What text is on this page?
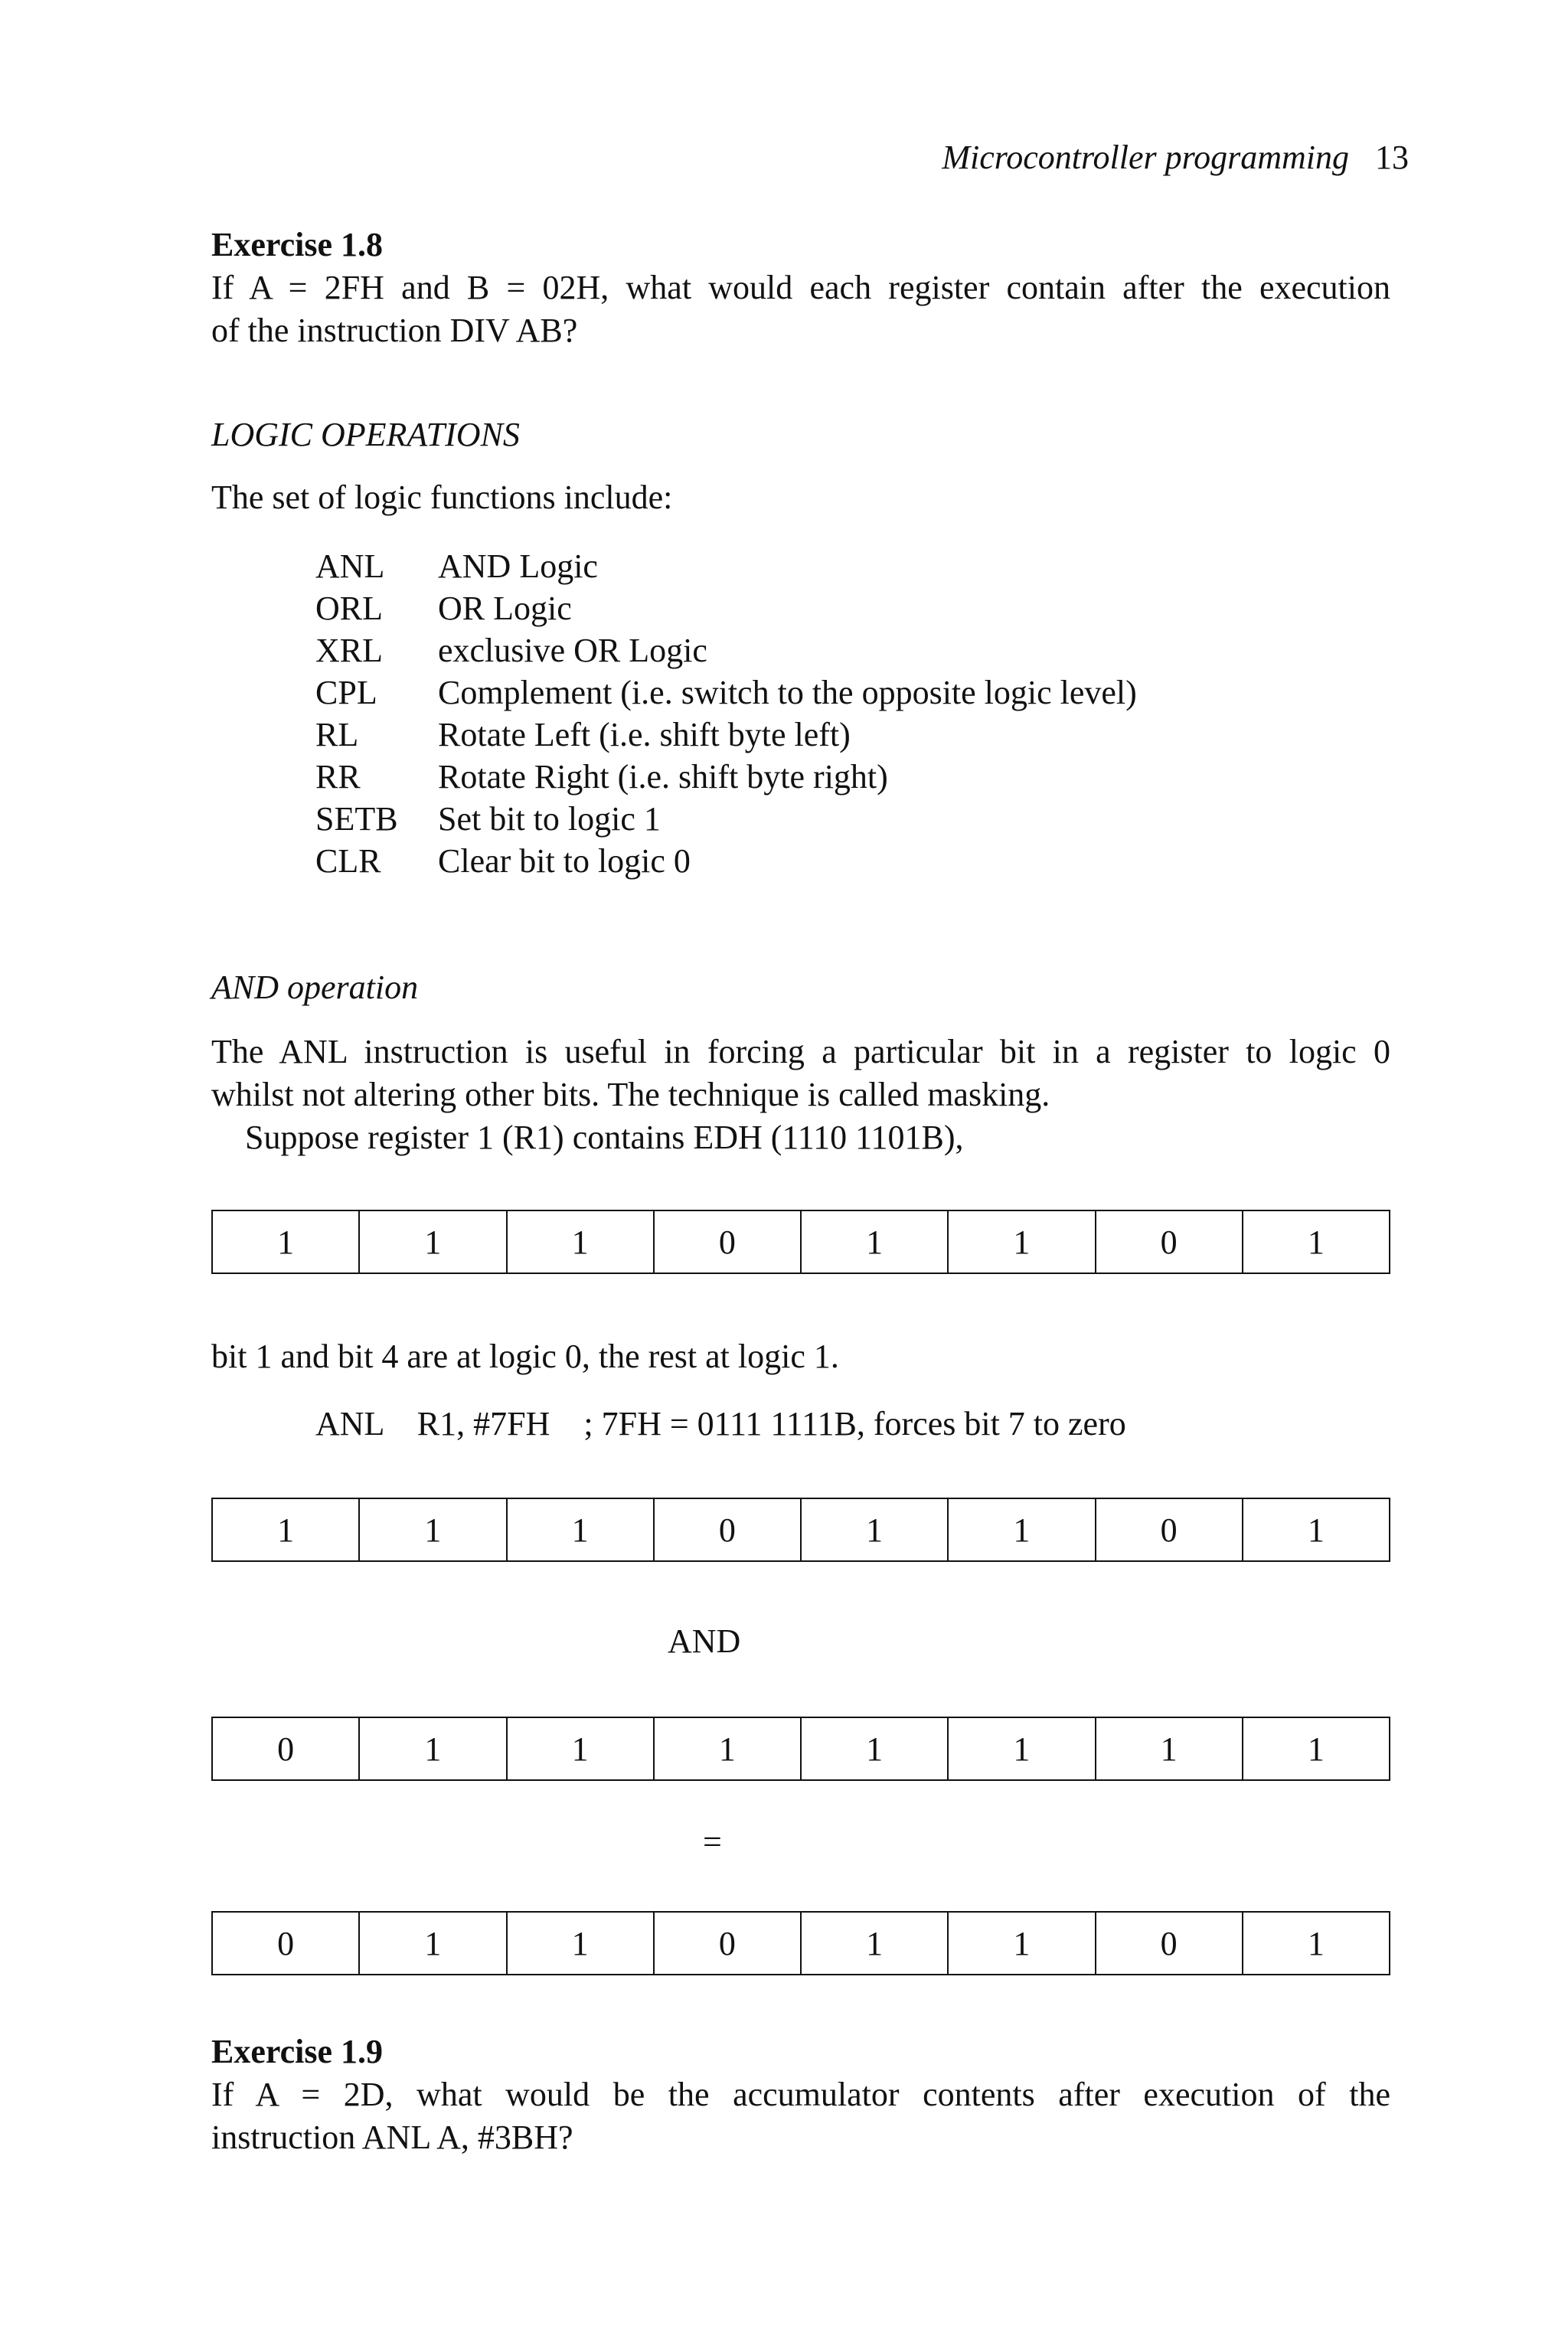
Microcontroller programming 13
Exercise 1.8
If A = 2FH and B = 02H, what would each register contain after the execution
of the instruction DIV AB?
LOGIC OPERATIONS
The set of logic functions include:
ANL AND Logic
ORL OR Logic
XRL exclusive OR Logic
CPL Complement (i.e. switch to the opposite logic level)
RL Rotate Left (i.e. shift byte left)
RR Rotate Right (i.e. shift byte right)
SETB Set bit to logic 1
CLR Clear bit to logic 0
AND operation
The ANL instruction is useful in forcing a particular bit in a register to logic 0
whilst not altering other bits. The technique is called masking.
Suppose register 1 (R1) contains EDH (1110 1101B),
1	1	1	0	1	1	0	1
bit 1 and bit 4 are at logic 0, the rest at logic 1.
ANL    R1, #7FH    ; 7FH = 0111 1111B, forces bit 7 to zero
1	1	1	0	1	1	0	1
AND
0	1	1	1	1	1	1	1
=
0	1	1	0	1	1	0	1
Exercise 1.9
If A = 2D, what would be the accumulator contents after execution of the
instruction ANL A, #3BH?
